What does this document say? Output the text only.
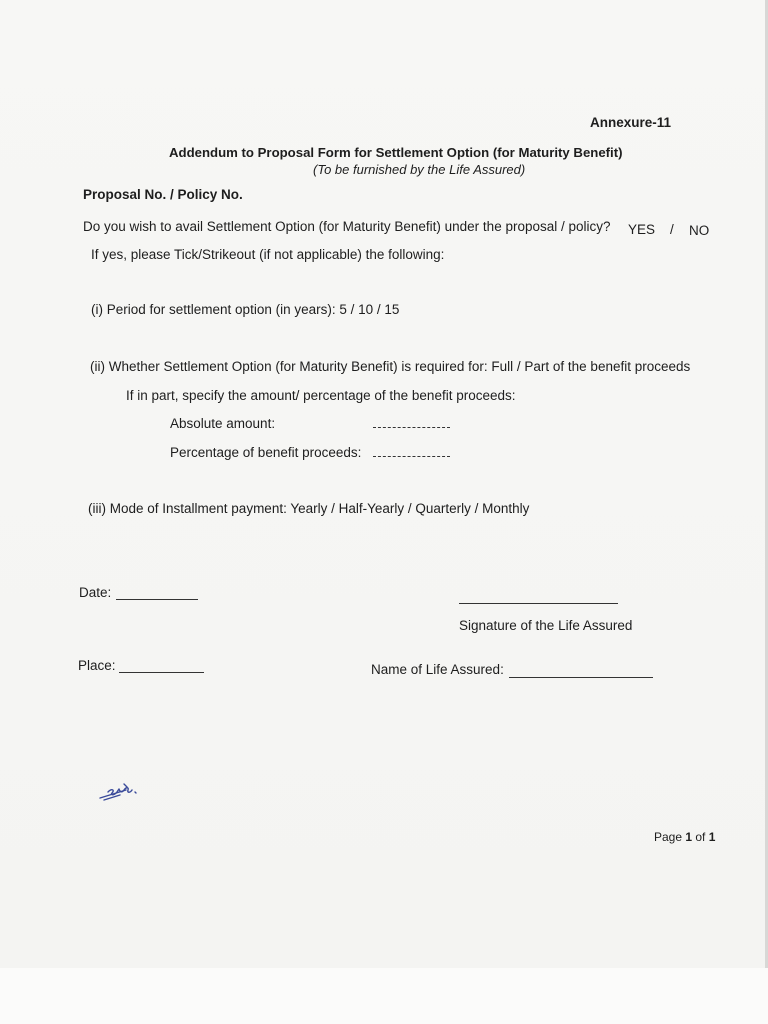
Annexure-11
Addendum to Proposal Form for Settlement Option (for Maturity Benefit)
(To be furnished by the Life Assured)
Proposal No. / Policy No.
Do you wish to avail Settlement Option (for Maturity Benefit) under the proposal / policy? YES / NO
If yes, please Tick/Strikeout (if not applicable) the following:
(i) Period for settlement option (in years): 5 / 10 / 15
(ii) Whether Settlement Option (for Maturity Benefit) is required for: Full / Part of the benefit proceeds
If in part, specify the amount/ percentage of the benefit proceeds:
Absolute amount:
Percentage of benefit proceeds:
(iii) Mode of Installment payment: Yearly / Half-Yearly / Quarterly / Monthly
Date:
Signature of the Life Assured
Place:	Name of Life Assured:
Page 1 of 1
